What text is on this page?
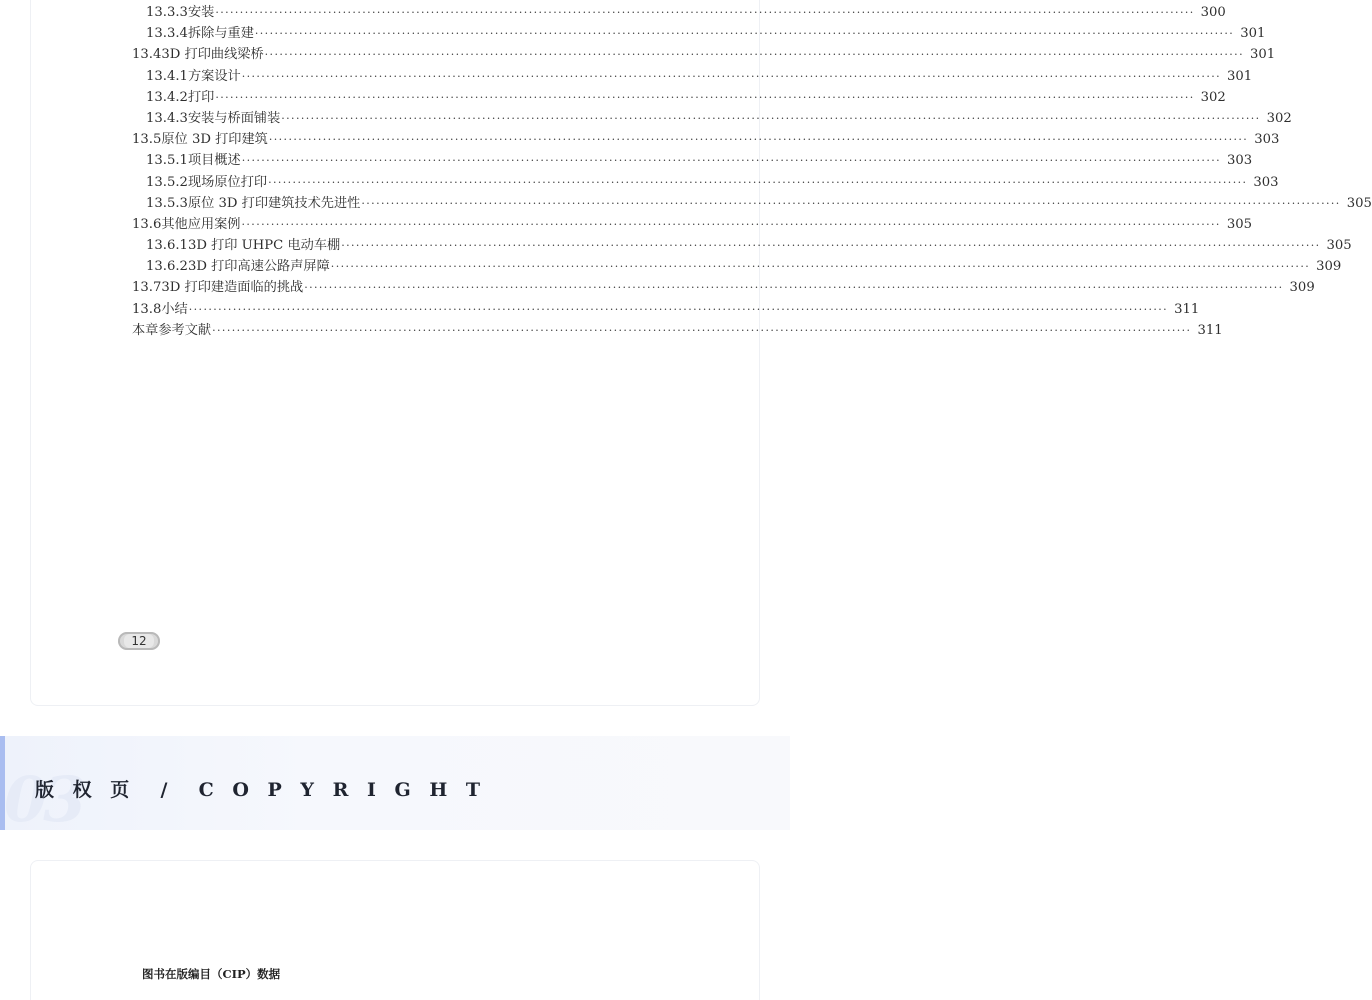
13.3.3 安装 ········································································································································································································ 300
13.3.4 拆除与重建 ········································································································································································································ 301
13.4 3D 打印曲线梁桥 ········································································································································································································ 301
13.4.1 方案设计 ········································································································································································································ 301
13.4.2 打印 ········································································································································································································ 302
13.4.3 安装与桥面铺装 ········································································································································································································ 302
13.5 原位 3D 打印建筑 ········································································································································································································ 303
13.5.1 项目概述 ········································································································································································································ 303
13.5.2 现场原位打印 ········································································································································································································ 303
13.5.3 原位 3D 打印建筑技术先进性 ········································································································································································································ 305
13.6 其他应用案例 ········································································································································································································ 305
13.6.1 3D 打印 UHPC 电动车棚 ········································································································································································································ 305
13.6.2 3D 打印高速公路声屏障 ········································································································································································································ 309
13.7 3D 打印建造面临的挑战 ········································································································································································································ 309
13.8 小结 ········································································································································································································ 311
本章参考文献 ········································································································································································································ 311
12
03
版 权 页  /  C O P Y R I G H T
图书在版编目（CIP）数据
